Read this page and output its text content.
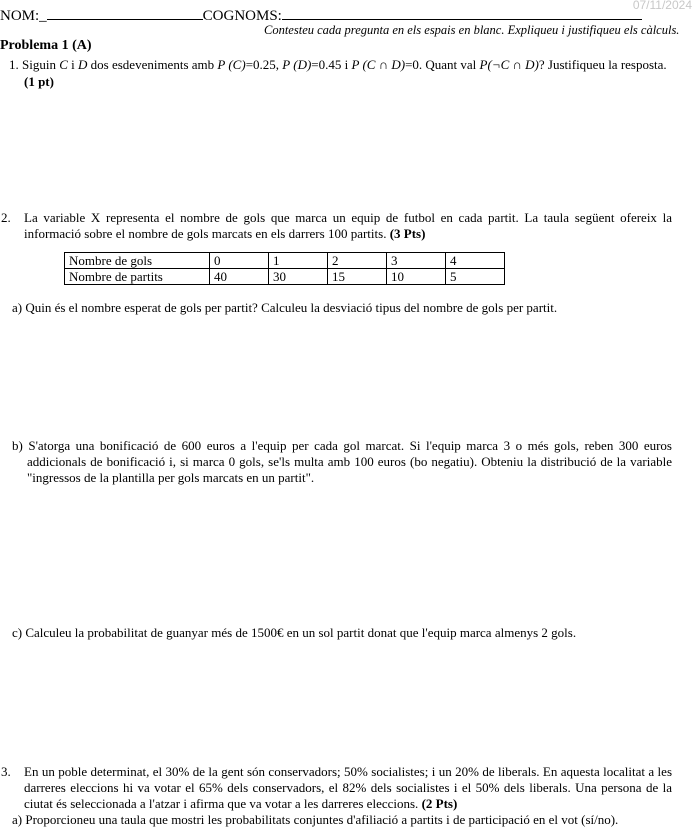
07/11/2024
NOM:_	COGNOMS:
Contesteu cada pregunta en els espais en blanc. Expliqueu i justifiqueu els càlculs.
Problema 1 (A)
1. Siguin C i D dos esdeveniments amb P (C)=0.25, P (D)=0.45 i P (C ∩ D)=0. Quant val P(¬C ∩ D)? Justifiqueu la resposta.
(1 pt)
2. La variable X representa el nombre de gols que marca un equip de futbol en cada partit. La taula següent ofereix la informació sobre el nombre de gols marcats en els darrers 100 partits. (3 Pts)
Nombre de gols	0	1	2	3	4
Nombre de partits	40	30	15	10	5
a) Quin és el nombre esperat de gols per partit? Calculeu la desviació tipus del nombre de gols per partit.
b) S'atorga una bonificació de 600 euros a l'equip per cada gol marcat. Si l'equip marca 3 o més gols, reben 300 euros addicionals de bonificació i, si marca 0 gols, se'ls multa amb 100 euros (bo negatiu). Obteniu la distribució de la variable "ingressos de la plantilla per gols marcats en un partit".
c) Calculeu la probabilitat de guanyar més de 1500€ en un sol partit donat que l'equip marca almenys 2 gols.
3. En un poble determinat, el 30% de la gent són conservadors; 50% socialistes; i un 20% de liberals. En aquesta localitat a les darreres eleccions hi va votar el 65% dels conservadors, el 82% dels socialistes i el 50% dels liberals. Una persona de la ciutat és seleccionada a l'atzar i afirma que va votar a les darreres eleccions. (2 Pts)
a) Proporcioneu una taula que mostri les probabilitats conjuntes d'afiliació a partits i de participació en el vot (sí/no).
